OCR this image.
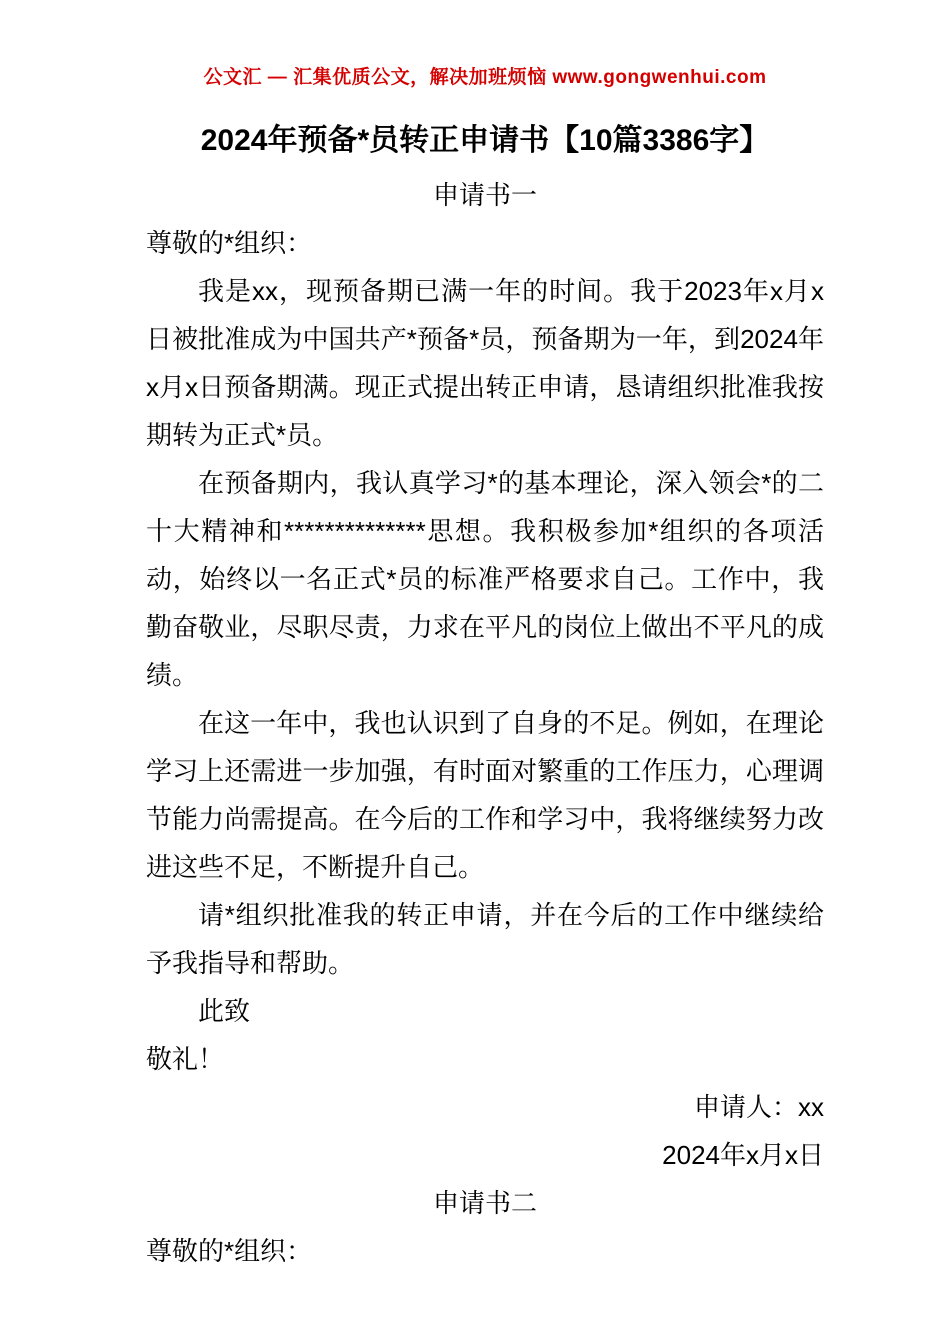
公文汇 — 汇集优质公文，解决加班烦恼 www.gongwenhui.com
2024年预备*员转正申请书【10篇3386字】

申请书一

尊敬的*组织：

我是xx，现预备期已满一年的时间。我于2023年x月x日被批准成为中国共产*预备*员，预备期为一年，到2024年x月x日预备期满。现正式提出转正申请，恳请组织批准我按期转为正式*员。

在预备期内，我认真学习*的基本理论，深入领会*的二十大精神和**************思想。我积极参加*组织的各项活动，始终以一名正式*员的标准严格要求自己。工作中，我勤奋敬业，尽职尽责，力求在平凡的岗位上做出不平凡的成绩。

在这一年中，我也认识到了自身的不足。例如，在理论学习上还需进一步加强，有时面对繁重的工作压力，心理调节能力尚需提高。在今后的工作和学习中，我将继续努力改进这些不足，不断提升自己。

请*组织批准我的转正申请，并在今后的工作中继续给予我指导和帮助。

此致

敬礼！

申请人：xx

2024年x月x日

申请书二

尊敬的*组织：
